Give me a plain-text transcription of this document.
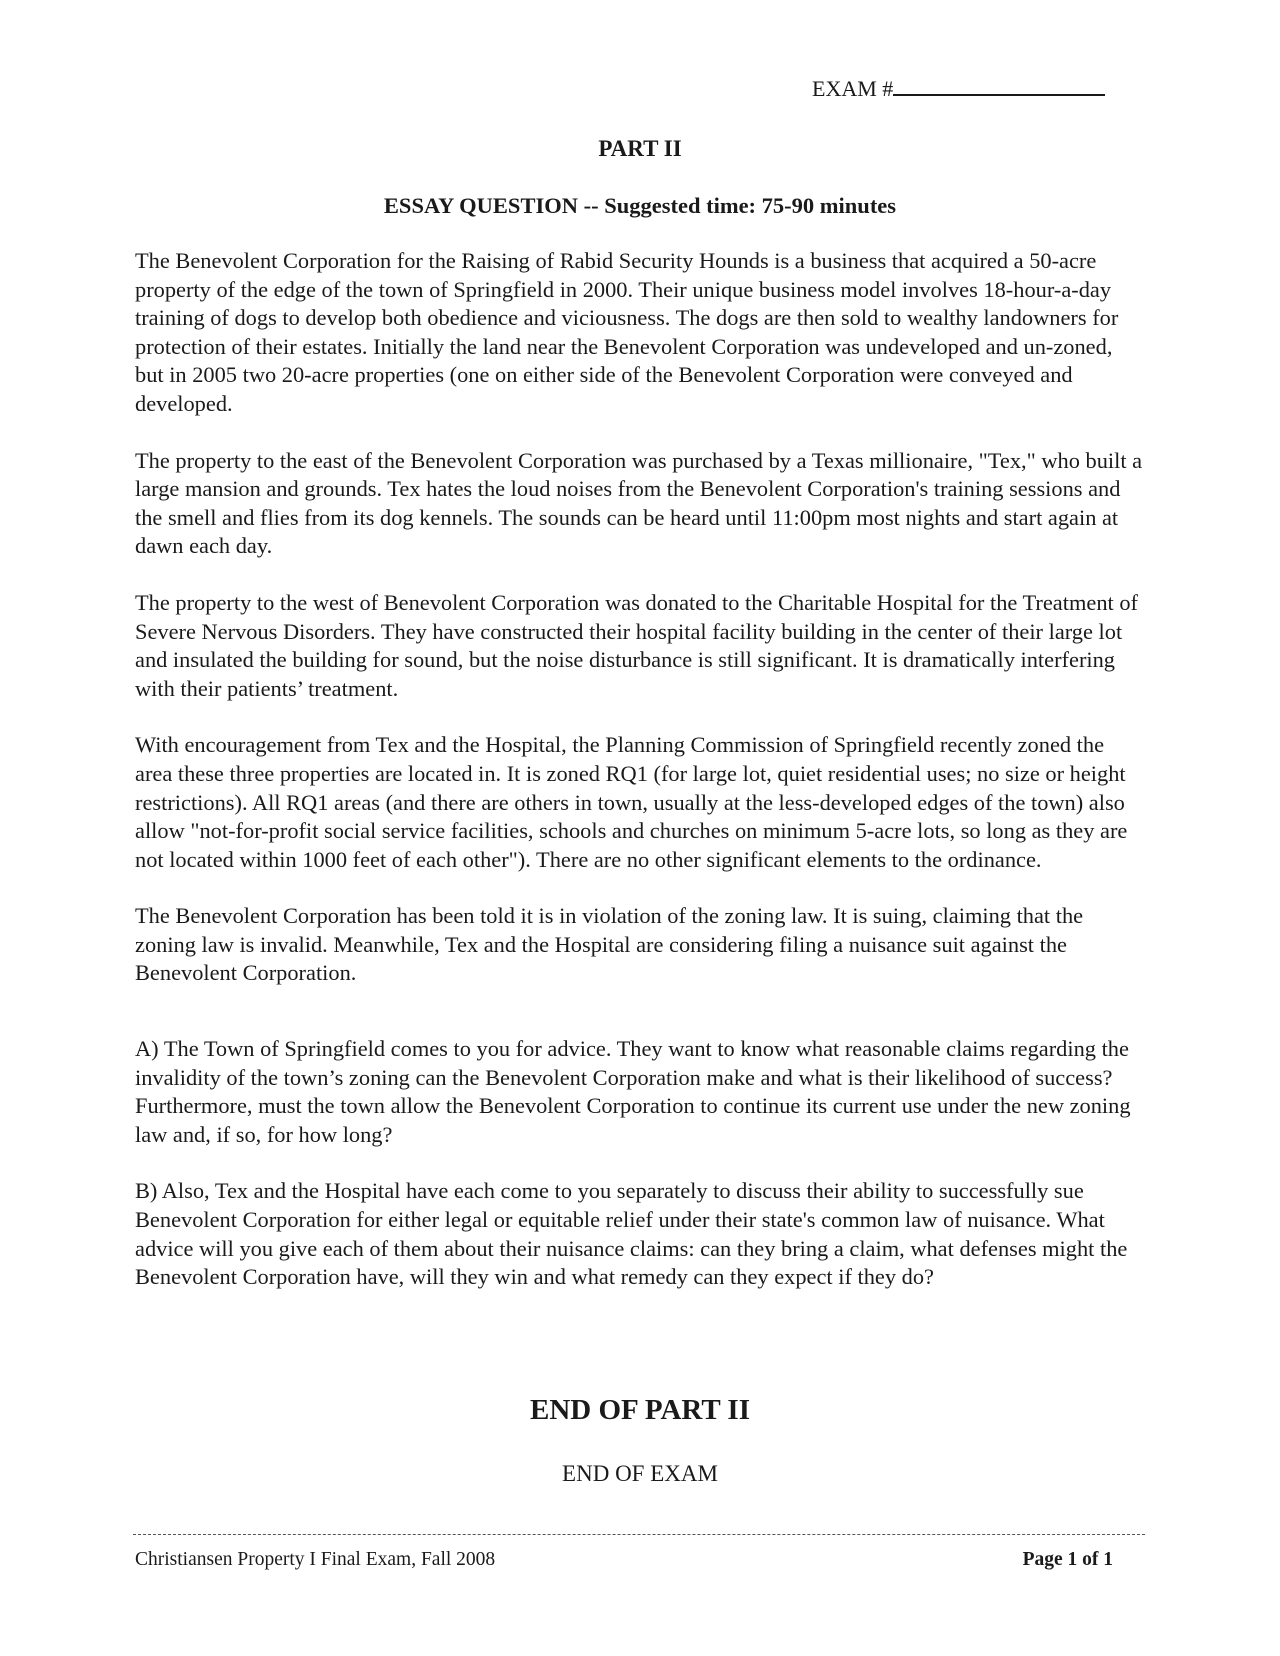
EXAM #
PART II
ESSAY QUESTION -- Suggested time: 75-90 minutes

The Benevolent Corporation for the Raising of Rabid Security Hounds is a business that acquired a 50-acre property of the edge of the town of Springfield in 2000. Their unique business model involves 18-hour-a-day training of dogs to develop both obedience and viciousness. The dogs are then sold to wealthy landowners for protection of their estates. Initially the land near the Benevolent Corporation was undeveloped and un-zoned, but in 2005 two 20-acre properties (one on either side of the Benevolent Corporation were conveyed and developed.

The property to the east of the Benevolent Corporation was purchased by a Texas millionaire, "Tex," who built a large mansion and grounds. Tex hates the loud noises from the Benevolent Corporation's training sessions and the smell and flies from its dog kennels. The sounds can be heard until 11:00pm most nights and start again at dawn each day.

The property to the west of Benevolent Corporation was donated to the Charitable Hospital for the Treatment of Severe Nervous Disorders. They have constructed their hospital facility building in the center of their large lot and insulated the building for sound, but the noise disturbance is still significant. It is dramatically interfering with their patients’ treatment.

With encouragement from Tex and the Hospital, the Planning Commission of Springfield recently zoned the area these three properties are located in. It is zoned RQ1 (for large lot, quiet residential uses; no size or height restrictions). All RQ1 areas (and there are others in town, usually at the less-developed edges of the town) also allow "not-for-profit social service facilities, schools and churches on minimum 5-acre lots, so long as they are not located within 1000 feet of each other"). There are no other significant elements to the ordinance.

The Benevolent Corporation has been told it is in violation of the zoning law. It is suing, claiming that the zoning law is invalid. Meanwhile, Tex and the Hospital are considering filing a nuisance suit against the Benevolent Corporation.

A) The Town of Springfield comes to you for advice. They want to know what reasonable claims regarding the invalidity of the town’s zoning can the Benevolent Corporation make and what is their likelihood of success? Furthermore, must the town allow the Benevolent Corporation to continue its current use under the new zoning law and, if so, for how long?

B) Also, Tex and the Hospital have each come to you separately to discuss their ability to successfully sue Benevolent Corporation for either legal or equitable relief under their state's common law of nuisance. What advice will you give each of them about their nuisance claims: can they bring a claim, what defenses might the Benevolent Corporation have, will they win and what remedy can they expect if they do?

END OF PART II
END OF EXAM
Christiansen Property I Final Exam, Fall 2008	Page 1 of 1
